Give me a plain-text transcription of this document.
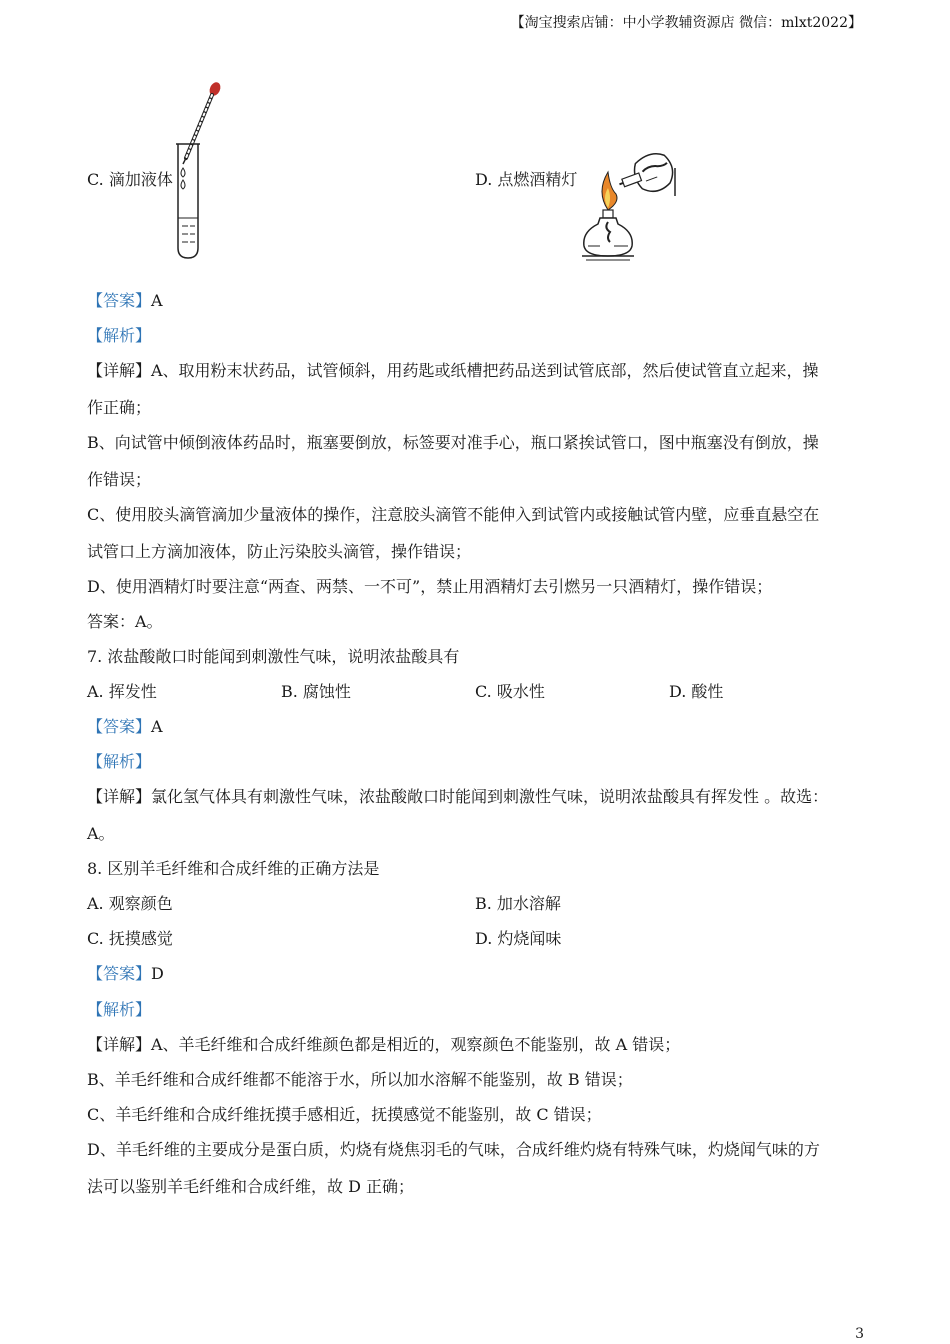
【淘宝搜索店铺：中小学教辅资源店 微信：mlxt2022】
C. 滴加液体	D. 点燃酒精灯
【答案】A
【解析】
【详解】A、取用粉末状药品，试管倾斜，用药匙或纸槽把药品送到试管底部，然后使试管直立起来，操
作正确；
B、向试管中倾倒液体药品时，瓶塞要倒放，标签要对准手心，瓶口紧挨试管口，图中瓶塞没有倒放，操
作错误；
C、使用胶头滴管滴加少量液体的操作，注意胶头滴管不能伸入到试管内或接触试管内壁，应垂直悬空在
试管口上方滴加液体，防止污染胶头滴管，操作错误；
D、使用酒精灯时要注意“两查、两禁、一不可”，禁止用酒精灯去引燃另一只酒精灯，操作错误；
答案：A。
7. 浓盐酸敞口时能闻到刺激性气味，说明浓盐酸具有
A. 挥发性	B. 腐蚀性	C. 吸水性	D. 酸性
【答案】A
【解析】
【详解】氯化氢气体具有刺激性气味，浓盐酸敞口时能闻到刺激性气味，说明浓盐酸具有挥发性 。故选：
A。
8. 区别羊毛纤维和合成纤维的正确方法是
A. 观察颜色	B. 加水溶解
C. 抚摸感觉	D. 灼烧闻味
【答案】D
【解析】
【详解】A、羊毛纤维和合成纤维颜色都是相近的，观察颜色不能鉴别，故 A 错误；
B、羊毛纤维和合成纤维都不能溶于水，所以加水溶解不能鉴别，故 B 错误；
C、羊毛纤维和合成纤维抚摸手感相近，抚摸感觉不能鉴别，故 C 错误；
D、羊毛纤维的主要成分是蛋白质，灼烧有烧焦羽毛的气味，合成纤维灼烧有特殊气味，灼烧闻气味的方
法可以鉴别羊毛纤维和合成纤维，故 D 正确；
3
